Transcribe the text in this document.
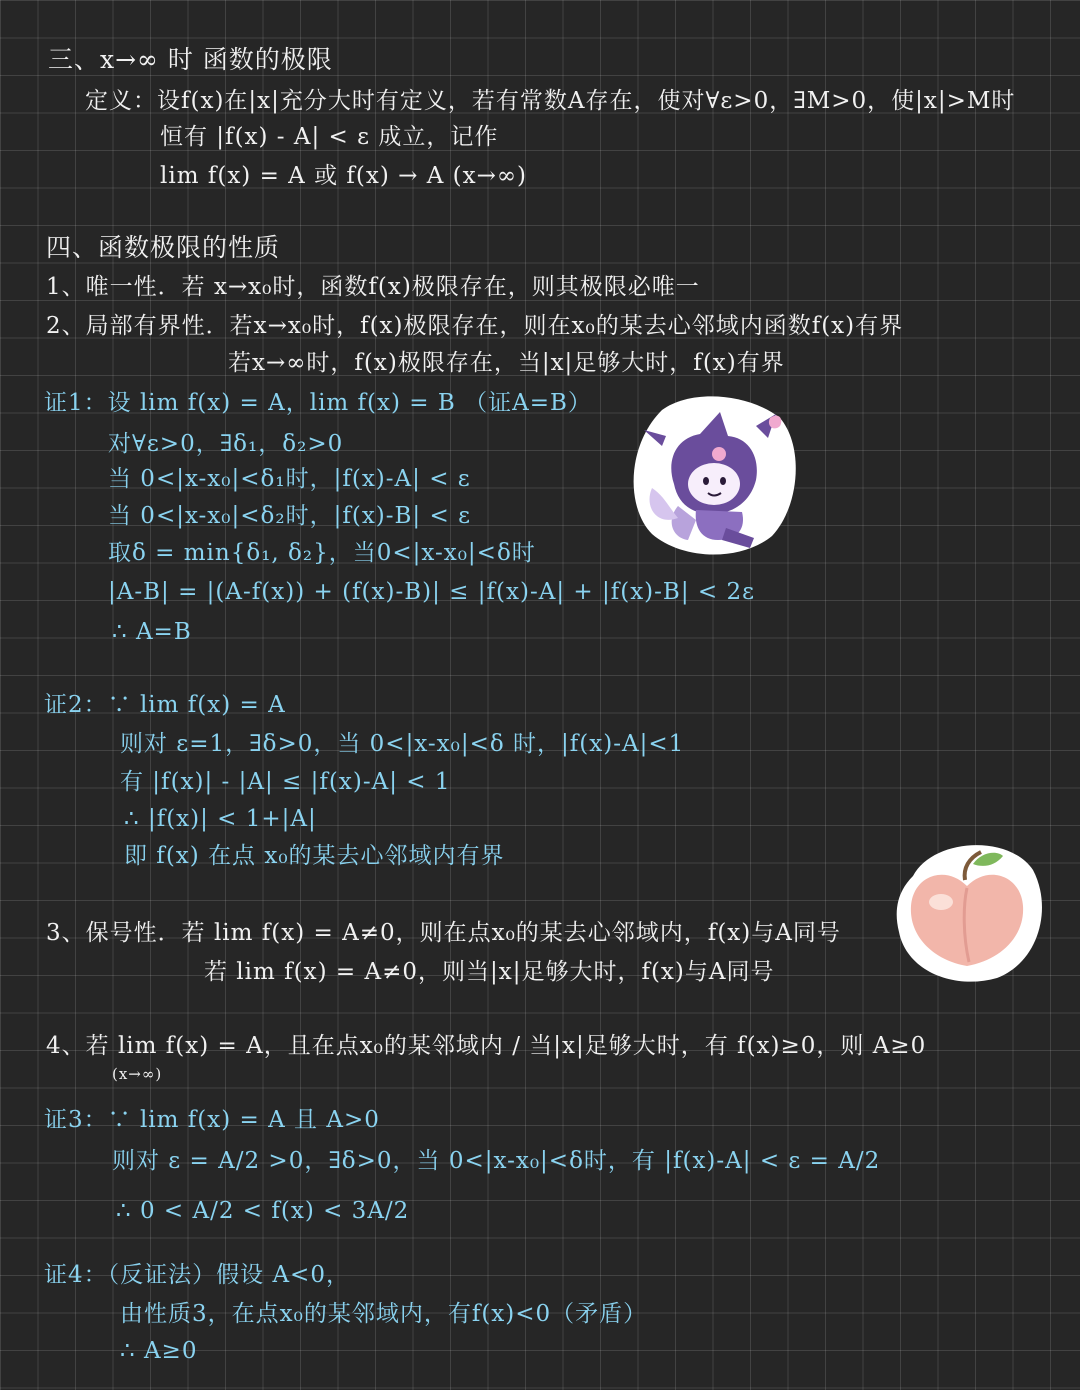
三、x→∞ 时 函数的极限
定义：设f(x)在|x|充分大时有定义，若有常数A存在，使对∀ε>0，∃M>0，使|x|>M时
恒有 |f(x) - A| < ε 成立，记作
lim f(x) = A 或 f(x) → A (x→∞)
四、函数极限的性质
1、唯一性．若 x→x₀时，函数f(x)极限存在，则其极限必唯一
2、局部有界性．若x→x₀时，f(x)极限存在，则在x₀的某去心邻域内函数f(x)有界
若x→∞时，f(x)极限存在，当|x|足够大时，f(x)有界
证1：设 lim f(x) = A，lim f(x) = B （证A=B）
对∀ε>0，∃δ₁，δ₂>0
当 0<|x-x₀|<δ₁时，|f(x)-A| < ε
当 0<|x-x₀|<δ₂时，|f(x)-B| < ε
取δ = min{δ₁, δ₂}，当0<|x-x₀|<δ时
|A-B| = |(A-f(x)) + (f(x)-B)| ≤ |f(x)-A| + |f(x)-B| < 2ε
∴ A=B
证2：∵ lim f(x) = A
则对 ε=1，∃δ>0，当 0<|x-x₀|<δ 时，|f(x)-A|<1
有 |f(x)| - |A| ≤ |f(x)-A| < 1
∴ |f(x)| < 1+|A|
即 f(x) 在点 x₀的某去心邻域内有界
3、保号性．若 lim f(x) = A≠0，则在点x₀的某去心邻域内，f(x)与A同号
若 lim f(x) = A≠0，则当|x|足够大时，f(x)与A同号
4、若 lim f(x) = A，且在点x₀的某邻域内 / 当|x|足够大时，有 f(x)≥0，则 A≥0
(x→∞)
证3：∵ lim f(x) = A 且 A>0
则对 ε = A/2 >0，∃δ>0，当 0<|x-x₀|<δ时，有 |f(x)-A| < ε = A/2
∴ 0 < A/2 < f(x) < 3A/2
证4：（反证法）假设 A<0，
由性质3，在点x₀的某邻域内，有f(x)<0（矛盾）
∴ A≥0
